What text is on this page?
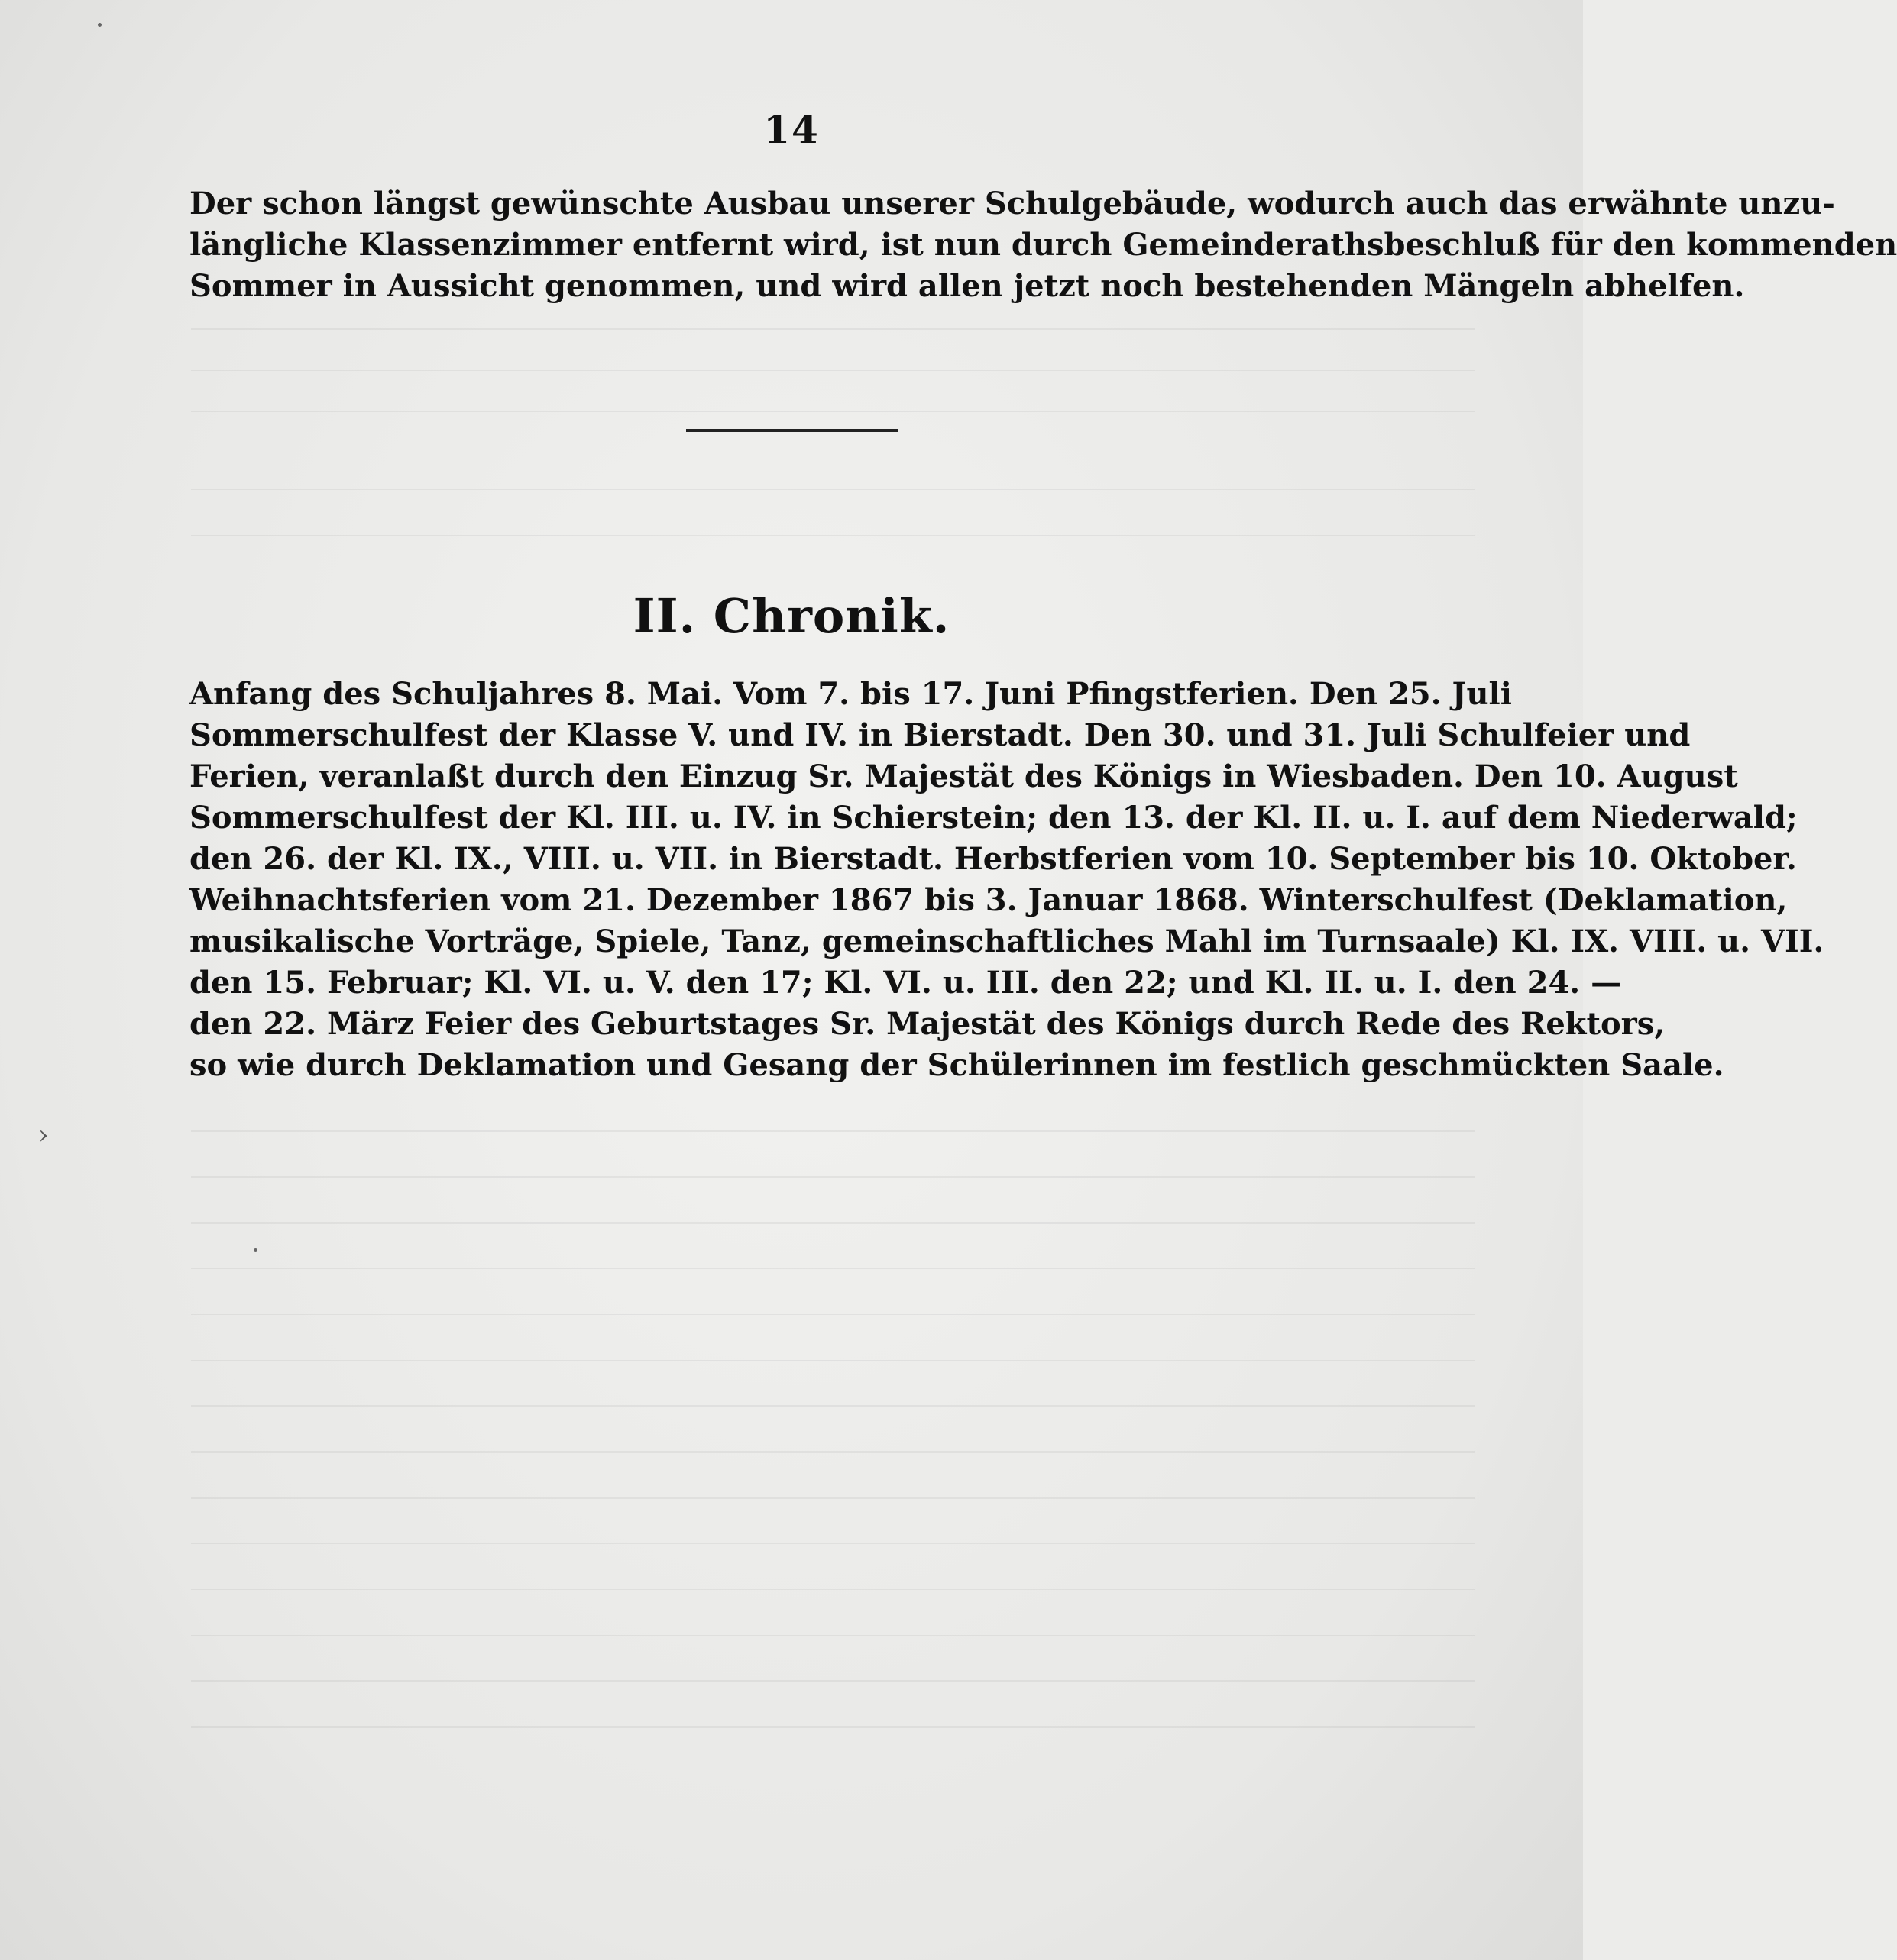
14
Der schon längst gewünschte Ausbau unserer Schulgebäude, wodurch auch das erwähnte unzu-
längliche Klassenzimmer entfernt wird, ist nun durch Gemeinderathsbeschluß für den kommenden
Sommer in Aussicht genommen, und wird allen jetzt noch bestehenden Mängeln abhelfen.
II. Chronik.
Anfang des Schuljahres 8. Mai. Vom 7. bis 17. Juni Pfingstferien. Den 25. Juli
Sommerschulfest der Klasse V. und IV. in Bierstadt. Den 30. und 31. Juli Schulfeier und
Ferien, veranlaßt durch den Einzug Sr. Majestät des Königs in Wiesbaden. Den 10. August
Sommerschulfest der Kl. III. u. IV. in Schierstein; den 13. der Kl. II. u. I. auf dem Niederwald;
den 26. der Kl. IX., VIII. u. VII. in Bierstadt. Herbstferien vom 10. September bis 10. Oktober.
Weihnachtsferien vom 21. Dezember 1867 bis 3. Januar 1868. Winterschulfest (Deklamation,
musikalische Vorträge, Spiele, Tanz, gemeinschaftliches Mahl im Turnsaale) Kl. IX. VIII. u. VII.
den 15. Februar; Kl. VI. u. V. den 17; Kl. VI. u. III. den 22; und Kl. II. u. I. den 24. —
den 22. März Feier des Geburtstages Sr. Majestät des Königs durch Rede des Rektors,
so wie durch Deklamation und Gesang der Schülerinnen im festlich geschmückten Saale.
›
